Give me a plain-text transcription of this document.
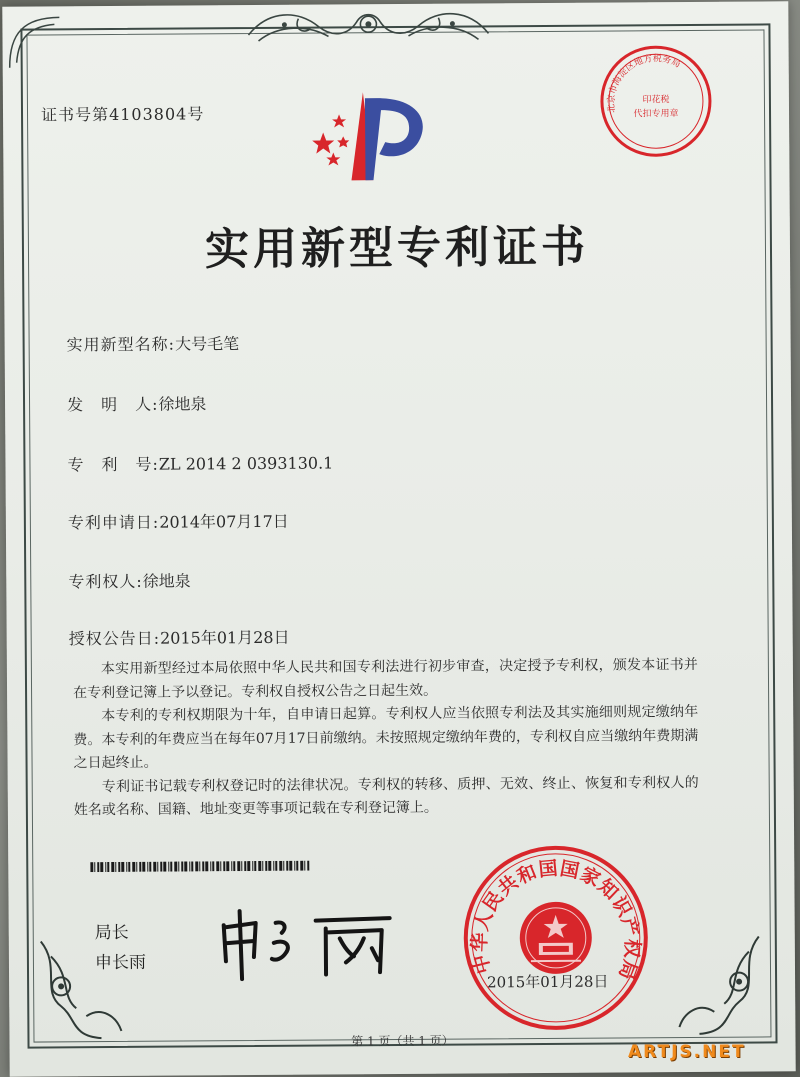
证书号第4103804号	北京市海淀区地方税务局
印花税
代扣专用章
实用新型专利证书
实用新型名称:大号毛笔
发　明　人:徐地泉
专　利　号:ZL 2014 2 0393130.1
专利申请日:2014年07月17日
专利权人:徐地泉
授权公告日:2015年01月28日

本实用新型经过本局依照中华人民共和国专利法进行初步审查，决定授予专利权，颁发本证书并在专利登记簿上予以登记。专利权自授权公告之日起生效。

本专利的专利权期限为十年，自申请日起算。专利权人应当依照专利法及其实施细则规定缴纳年费。本专利的年费应当在每年07月17日前缴纳。未按照规定缴纳年费的，专利权自应当缴纳年费期满之日起终止。

专利证书记载专利权登记时的法律状况。专利权的转移、质押、无效、终止、恢复和专利权人的姓名或名称、国籍、地址变更等事项记载在专利登记簿上。

局长
申长雨	中华人民共和国国家知识产权局
2015年01月28日
第 1 页（共 1 页）
ARTJS.NET
